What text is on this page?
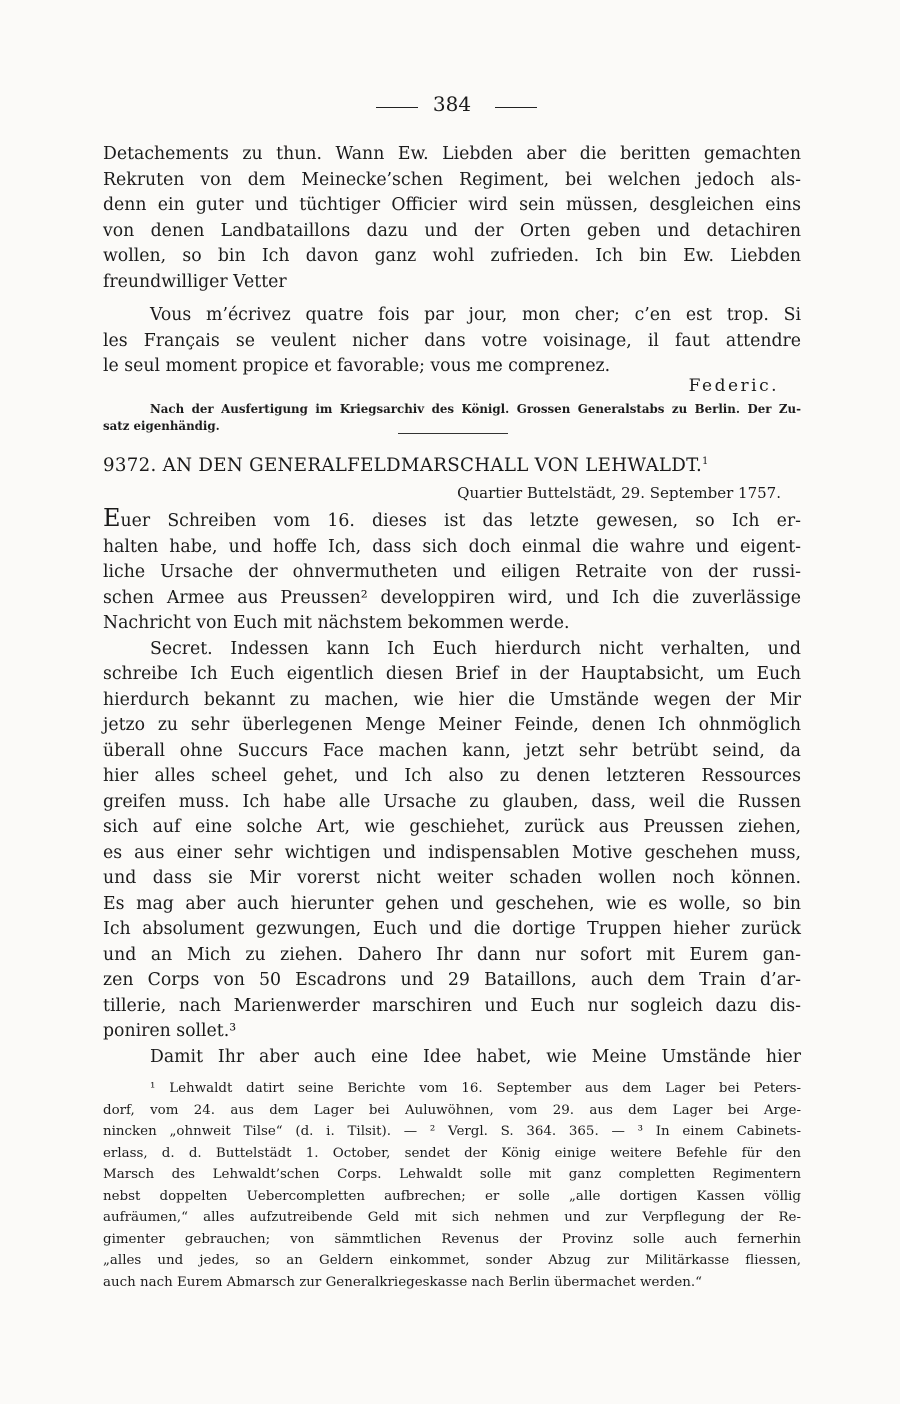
384

Detachements zu thun. Wann Ew. Liebden aber die beritten gemachten

Rekruten von dem Meinecke’schen Regiment, bei welchen jedoch als-

denn ein guter und tüchtiger Officier wird sein müssen, desgleichen eins

von denen Landbataillons dazu und der Orten geben und detachiren

wollen, so bin Ich davon ganz wohl zufrieden. Ich bin Ew. Liebden

freundwilliger Vetter

Vous m’écrivez quatre fois par jour, mon cher; c’en est trop. Si

les Français se veulent nicher dans votre voisinage, il faut attendre

le seul moment propice et favorable; vous me comprenez.

Federic.

Nach der Ausfertigung im Kriegsarchiv des Königl. Grossen Generalstabs zu Berlin. Der Zu-

satz eigenhändig.

9372. AN DEN GENERALFELDMARSCHALL VON LEHWALDT.$^1$
Quartier Buttelstädt, 29. September 1757.

Euer Schreiben vom 16. dieses ist das letzte gewesen, so Ich er-

halten habe, und hoffe Ich, dass sich doch einmal die wahre und eigent-

liche Ursache der ohnvermutheten und eiligen Retraite von der russi-

schen Armee aus Preussen² developpiren wird, und Ich die zuverlässige

Nachricht von Euch mit nächstem bekommen werde.

Secret. Indessen kann Ich Euch hierdurch nicht verhalten, und

schreibe Ich Euch eigentlich diesen Brief in der Hauptabsicht, um Euch

hierdurch bekannt zu machen, wie hier die Umstände wegen der Mir

jetzo zu sehr überlegenen Menge Meiner Feinde, denen Ich ohnmöglich

überall ohne Succurs Face machen kann, jetzt sehr betrübt seind, da

hier alles scheel gehet, und Ich also zu denen letzteren Ressources

greifen muss. Ich habe alle Ursache zu glauben, dass, weil die Russen

sich auf eine solche Art, wie geschiehet, zurück aus Preussen ziehen,

es aus einer sehr wichtigen und indispensablen Motive geschehen muss,

und dass sie Mir vorerst nicht weiter schaden wollen noch können.

Es mag aber auch hierunter gehen und geschehen, wie es wolle, so bin

Ich absolument gezwungen, Euch und die dortige Truppen hieher zurück

und an Mich zu ziehen. Dahero Ihr dann nur sofort mit Eurem gan-

zen Corps von 50 Escadrons und 29 Bataillons, auch dem Train d’ar-

tillerie, nach Marienwerder marschiren und Euch nur sogleich dazu dis-

poniren sollet.³

Damit Ihr aber auch eine Idee habet, wie Meine Umstände hier

¹ Lehwaldt datirt seine Berichte vom 16. September aus dem Lager bei Peters-

dorf, vom 24. aus dem Lager bei Auluwöhnen, vom 29. aus dem Lager bei Arge-

nincken „ohnweit Tilse“ (d. i. Tilsit). — ² Vergl. S. 364. 365. — ³ In einem Cabinets-

erlass, d. d. Buttelstädt 1. October, sendet der König einige weitere Befehle für den

Marsch des Lehwaldt’schen Corps. Lehwaldt solle mit ganz completten Regimentern

nebst doppelten Uebercompletten aufbrechen; er solle „alle dortigen Kassen völlig

aufräumen,“ alles aufzutreibende Geld mit sich nehmen und zur Verpflegung der Re-

gimenter gebrauchen; von sämmtlichen Revenus der Provinz solle auch fernerhin

„alles und jedes, so an Geldern einkommet, sonder Abzug zur Militärkasse fliessen,

auch nach Eurem Abmarsch zur Generalkriegeskasse nach Berlin übermachet werden.“
